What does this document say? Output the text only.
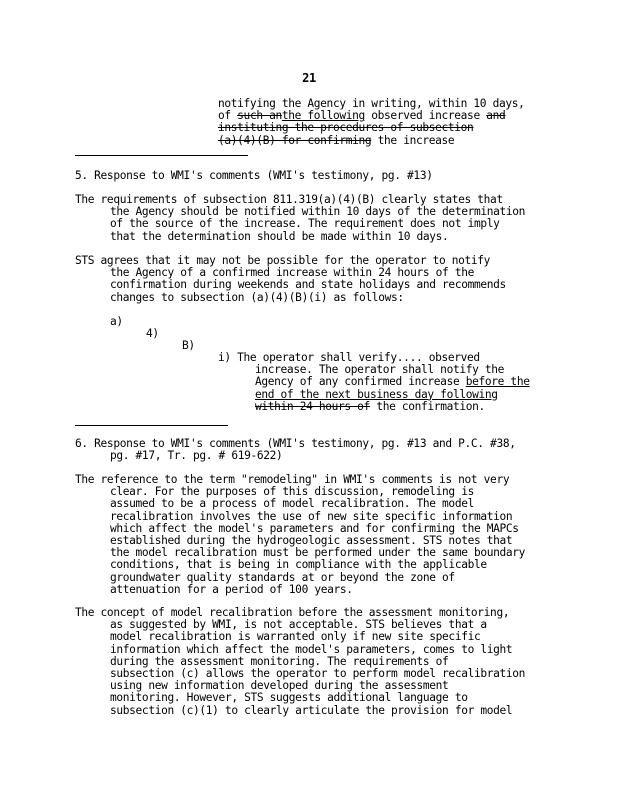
21
notifying the Agency in writing, within 10 days,
of such anthe following observed increase and
instituting the procedures of subsection
(a)(4)(B) for confirming the increase
5. Response to WMI's comments (WMI's testimony, pg. #13)
The requirements of subsection 811.319(a)(4)(B) clearly states that
the Agency should be notified within 10 days of the determination
of the source of the increase. The requirement does not imply
that the determination should be made within 10 days.
STS agrees that it may not be possible for the operator to notify
the Agency of a confirmed increase within 24 hours of the
confirmation during weekends and state holidays and recommends
changes to subsection (a)(4)(B)(i) as follows:
a)
4)
B)
i) The operator shall verify.... observed
increase. The operator shall notify the
Agency of any confirmed increase before the
end of the next business day following
within 24 hours of the confirmation.
6. Response to WMI's comments (WMI's testimony, pg. #13 and P.C. #38,
pg. #17, Tr. pg. # 619-622)
The reference to the term "remodeling" in WMI's comments is not very
clear. For the purposes of this discussion, remodeling is
assumed to be a process of model recalibration. The model
recalibration involves the use of new site specific information
which affect the model's parameters and for confirming the MAPCs
established during the hydrogeologic assessment. STS notes that
the model recalibration must be performed under the same boundary
conditions, that is being in compliance with the applicable
groundwater quality standards at or beyond the zone of
attenuation for a period of 100 years.
The concept of model recalibration before the assessment monitoring,
as suggested by WMI, is not acceptable. STS believes that a
model recalibration is warranted only if new site specific
information which affect the model's parameters, comes to light
during the assessment monitoring. The requirements of
subsection (c) allows the operator to perform model recalibration
using new information developed during the assessment
monitoring. However, STS suggests additional language to
subsection (c)(1) to clearly articulate the provision for model
